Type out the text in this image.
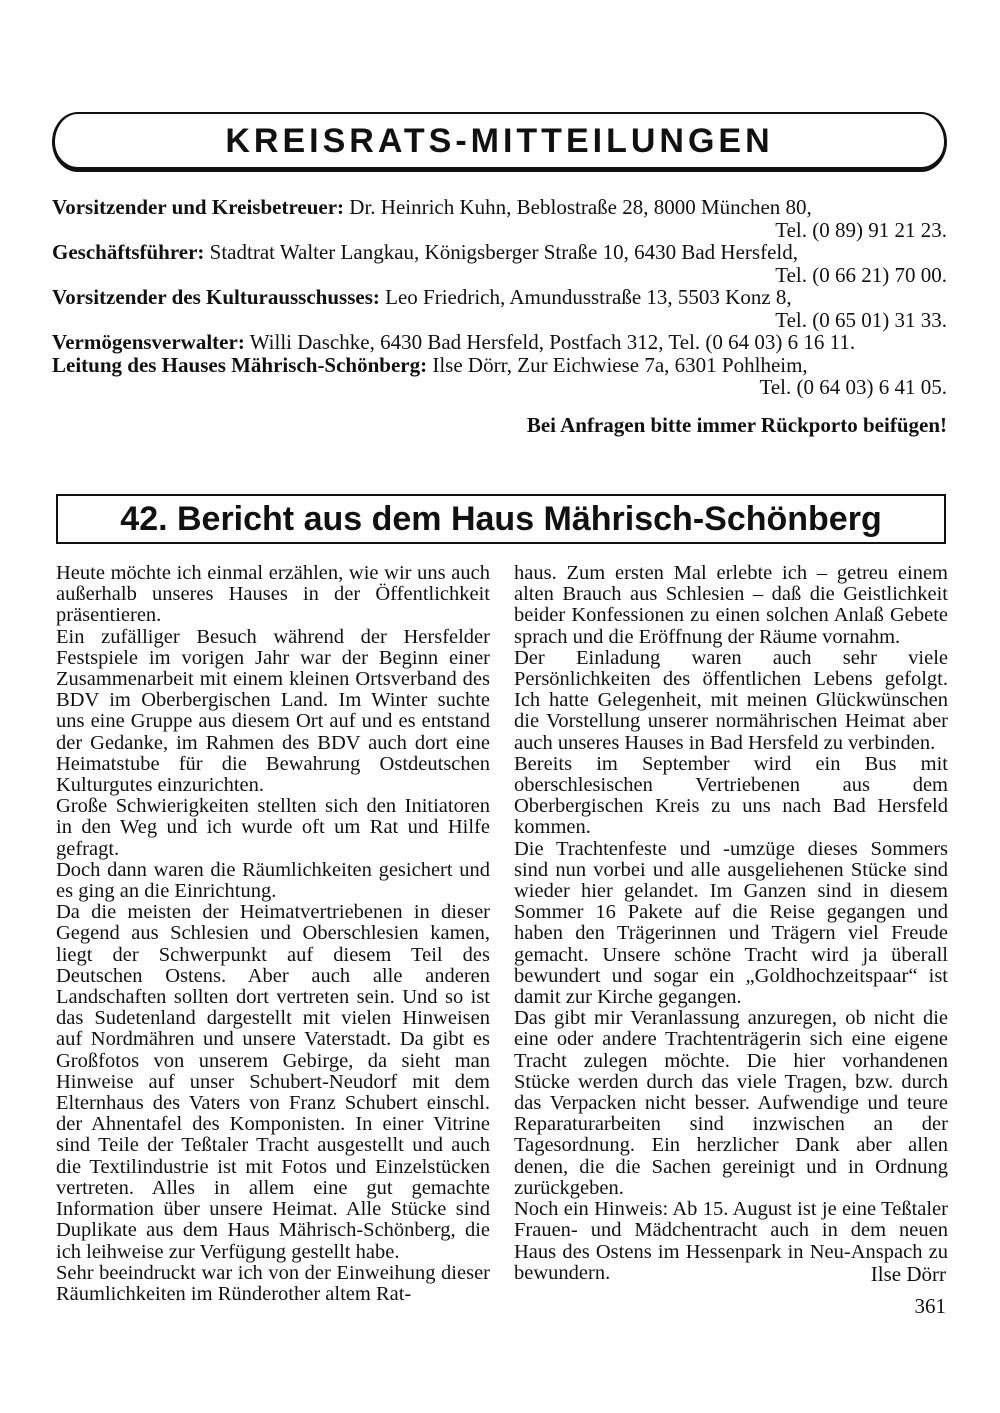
KREISRATS-MITTEILUNGEN
Vorsitzender und Kreisbetreuer: Dr. Heinrich Kuhn, Beblostraße 28, 8000 München 80,
Tel. (0 89) 91 21 23.
Geschäftsführer: Stadtrat Walter Langkau, Königsberger Straße 10, 6430 Bad Hersfeld,
Tel. (0 66 21) 70 00.
Vorsitzender des Kulturausschusses: Leo Friedrich, Amundusstraße 13, 5503 Konz 8,
Tel. (0 65 01) 31 33.
Vermögensverwalter: Willi Daschke, 6430 Bad Hersfeld, Postfach 312, Tel. (0 64 03) 6 16 11.
Leitung des Hauses Mährisch-Schönberg: Ilse Dörr, Zur Eichwiese 7a, 6301 Pohlheim,
Tel. (0 64 03) 6 41 05.
Bei Anfragen bitte immer Rückporto beifügen!
42. Bericht aus dem Haus Mährisch-Schönberg

Heute möchte ich einmal erzählen, wie wir uns auch außerhalb unseres Hauses in der Öffentlichkeit präsentieren.

Ein zufälliger Besuch während der Hersfelder Festspiele im vorigen Jahr war der Beginn einer Zusammenarbeit mit einem kleinen Ortsverband des BDV im Oberbergischen Land. Im Winter suchte uns eine Gruppe aus diesem Ort auf und es entstand der Gedanke, im Rahmen des BDV auch dort eine Heimatstube für die Bewahrung Ostdeutschen Kulturgutes einzurichten.

Große Schwierigkeiten stellten sich den Initiatoren in den Weg und ich wurde oft um Rat und Hilfe gefragt.

Doch dann waren die Räumlichkeiten gesichert und es ging an die Einrichtung.

Da die meisten der Heimatvertriebenen in dieser Gegend aus Schlesien und Oberschlesien kamen, liegt der Schwerpunkt auf diesem Teil des Deutschen Ostens. Aber auch alle anderen Landschaften sollten dort vertreten sein. Und so ist das Sudetenland dargestellt mit vielen Hinweisen auf Nordmähren und unsere Vaterstadt. Da gibt es Großfotos von unserem Gebirge, da sieht man Hinweise auf unser Schubert-Neudorf mit dem Elternhaus des Vaters von Franz Schubert einschl. der Ahnentafel des Komponisten. In einer Vitrine sind Teile der Teßtaler Tracht ausgestellt und auch die Textilindustrie ist mit Fotos und Einzelstücken vertreten. Alles in allem eine gut gemachte Information über unsere Heimat. Alle Stücke sind Duplikate aus dem Haus Mährisch-Schönberg, die ich leihweise zur Verfügung gestellt habe.

Sehr beeindruckt war ich von der Einweihung dieser Räumlichkeiten im Ründerother altem Rat-

haus. Zum ersten Mal erlebte ich – getreu einem alten Brauch aus Schlesien – daß die Geistlichkeit beider Konfessionen zu einen solchen Anlaß Gebete sprach und die Eröffnung der Räume vornahm.

Der Einladung waren auch sehr viele Persönlichkeiten des öffentlichen Lebens gefolgt. Ich hatte Gelegenheit, mit meinen Glückwünschen die Vorstellung unserer normährischen Heimat aber auch unseres Hauses in Bad Hersfeld zu verbinden.

Bereits im September wird ein Bus mit oberschlesischen Vertriebenen aus dem Oberbergischen Kreis zu uns nach Bad Hersfeld kommen.

Die Trachtenfeste und -umzüge dieses Sommers sind nun vorbei und alle ausgeliehenen Stücke sind wieder hier gelandet. Im Ganzen sind in diesem Sommer 16 Pakete auf die Reise gegangen und haben den Trägerinnen und Trägern viel Freude gemacht. Unsere schöne Tracht wird ja überall bewundert und sogar ein „Goldhochzeitspaar“ ist damit zur Kirche gegangen.

Das gibt mir Veranlassung anzuregen, ob nicht die eine oder andere Trachtenträgerin sich eine eigene Tracht zulegen möchte. Die hier vorhandenen Stücke werden durch das viele Tragen, bzw. durch das Verpacken nicht besser. Aufwendige und teure Reparaturarbeiten sind inzwischen an der Tagesordnung. Ein herzlicher Dank aber allen denen, die die Sachen gereinigt und in Ordnung zurückgeben.

Noch ein Hinweis: Ab 15. August ist je eine Teßtaler Frauen- und Mädchentracht auch in dem neuen Haus des Ostens im Hessenpark in Neu-Anspach zu bewundern.	Ilse Dörr
361
